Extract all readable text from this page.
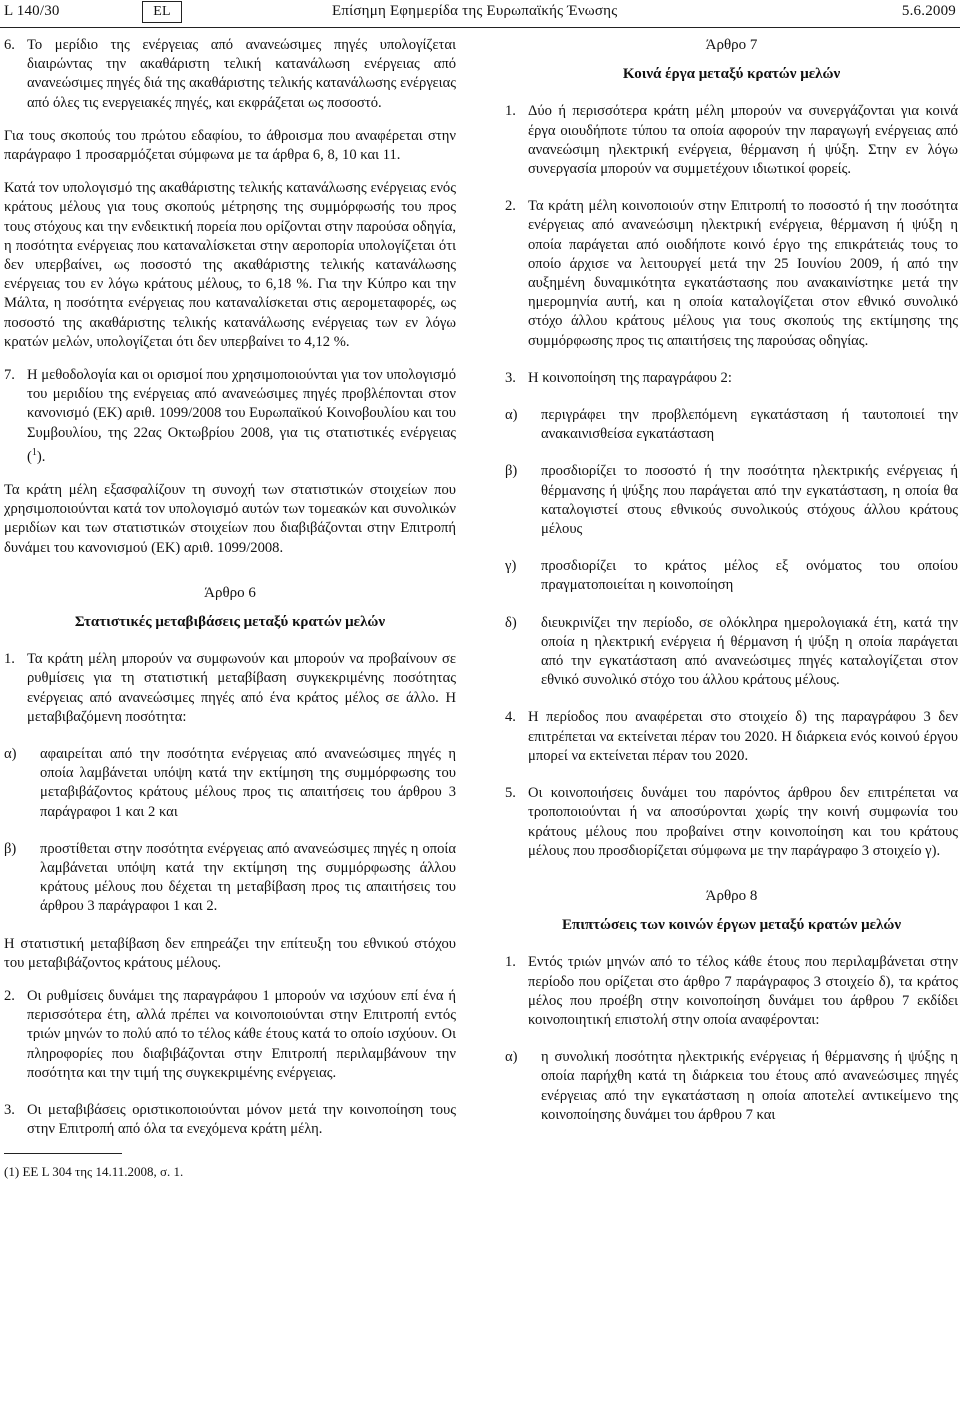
L 140/30	EL	Επίσημη Εφημερίδα της Ευρωπαϊκής Ένωσης	5.6.2009
6. Το μερίδιο της ενέργειας από ανανεώσιμες πηγές υπολογίζεται διαιρώντας την ακαθάριστη τελική κατανάλωση ενέργειας από ανανεώσιμες πηγές διά της ακαθάριστης τελικής κατανάλωσης ενέργειας από όλες τις ενεργειακές πηγές, και εκφράζεται ως ποσοστό.

Για τους σκοπούς του πρώτου εδαφίου, το άθροισμα που αναφέρεται στην παράγραφο 1 προσαρμόζεται σύμφωνα με τα άρθρα 6, 8, 10 και 11.

Κατά τον υπολογισμό της ακαθάριστης τελικής κατανάλωσης ενέργειας ενός κράτους μέλους για τους σκοπούς μέτρησης της συμμόρφωσής του προς τους στόχους και την ενδεικτική πορεία που ορίζονται στην παρούσα οδηγία, η ποσότητα ενέργειας που καταναλίσκεται στην αεροπορία υπολογίζεται ότι δεν υπερβαίνει, ως ποσοστό της ακαθάριστης τελικής κατανάλωσης ενέργειας του εν λόγω κράτους μέλους, το 6,18 %. Για την Κύπρο και την Μάλτα, η ποσότητα ενέργειας που καταναλίσκεται στις αερομεταφορές, ως ποσοστό της ακαθάριστης τελικής κατανάλωσης ενέργειας των εν λόγω κρατών μελών, υπολογίζεται ότι δεν υπερβαίνει το 4,12 %.

7. Η μεθοδολογία και οι ορισμοί που χρησιμοποιούνται για τον υπολογισμό του μεριδίου της ενέργειας από ανανεώσιμες πηγές προβλέπονται στον κανονισμό (ΕΚ) αριθ. 1099/2008 του Ευρωπαϊκού Κοινοβουλίου και του Συμβουλίου, της 22ας Οκτωβρίου 2008, για τις στατιστικές ενέργειας ($^1$).

Τα κράτη μέλη εξασφαλίζουν τη συνοχή των στατιστικών στοιχείων που χρησιμοποιούνται κατά τον υπολογισμό αυτών των τομεακών και συνολικών μεριδίων και των στατιστικών στοιχείων που διαβιβάζονται στην Επιτροπή δυνάμει του κανονισμού (ΕΚ) αριθ. 1099/2008.

Άρθρο 6
Στατιστικές μεταβιβάσεις μεταξύ κρατών μελών
1. Τα κράτη μέλη μπορούν να συμφωνούν και μπορούν να προβαίνουν σε ρυθμίσεις για τη στατιστική μεταβίβαση συγκεκριμένης ποσότητας ενέργειας από ανανεώσιμες πηγές από ένα κράτος μέλος σε άλλο. Η μεταβιβαζόμενη ποσότητα:
α)	αφαιρείται από την ποσότητα ενέργειας από ανανεώσιμες πηγές η οποία λαμβάνεται υπόψη κατά την εκτίμηση της συμμόρφωσης του μεταβιβάζοντος κράτους μέλους προς τις απαιτήσεις του άρθρου 3 παράγραφοι 1 και 2 και
β)	προστίθεται στην ποσότητα ενέργειας από ανανεώσιμες πηγές η οποία λαμβάνεται υπόψη κατά την εκτίμηση της συμμόρφωσης άλλου κράτους μέλους που δέχεται τη μεταβίβαση προς τις απαιτήσεις του άρθρου 3 παράγραφοι 1 και 2.

Η στατιστική μεταβίβαση δεν επηρεάζει την επίτευξη του εθνικού στόχου του μεταβιβάζοντος κράτους μέλους.

2. Οι ρυθμίσεις δυνάμει της παραγράφου 1 μπορούν να ισχύουν επί ένα ή περισσότερα έτη, αλλά πρέπει να κοινοποιούνται στην Επιτροπή εντός τριών μηνών το πολύ από το τέλος κάθε έτους κατά το οποίο ισχύουν. Οι πληροφορίες που διαβιβάζονται στην Επιτροπή περιλαμβάνουν την ποσότητα και την τιμή της συγκεκριμένης ενέργειας.
3. Οι μεταβιβάσεις οριστικοποιούνται μόνον μετά την κοινοποίηση τους στην Επιτροπή από όλα τα ενεχόμενα κράτη μέλη.
(1) ΕΕ L 304 της 14.11.2008, σ. 1.
Άρθρο 7
Κοινά έργα μεταξύ κρατών μελών
1. Δύο ή περισσότερα κράτη μέλη μπορούν να συνεργάζονται για κοινά έργα οιουδήποτε τύπου τα οποία αφορούν την παραγωγή ενέργειας από ανανεώσιμη ηλεκτρική ενέργεια, θέρμανση ή ψύξη. Στην εν λόγω συνεργασία μπορούν να συμμετέχουν ιδιωτικοί φορείς.
2. Τα κράτη μέλη κοινοποιούν στην Επιτροπή το ποσοστό ή την ποσότητα ενέργειας από ανανεώσιμη ηλεκτρική ενέργεια, θέρμανση ή ψύξη η οποία παράγεται από οιοδήποτε κοινό έργο της επικράτειάς τους το οποίο άρχισε να λειτουργεί μετά την 25 Ιουνίου 2009, ή από την αυξημένη δυναμικότητα εγκατάστασης που ανακαινίστηκε μετά την ημερομηνία αυτή, και η οποία καταλογίζεται στον εθνικό συνολικό στόχο άλλου κράτους μέλους για τους σκοπούς της εκτίμησης της συμμόρφωσης προς τις απαιτήσεις της παρούσας οδηγίας.
3. Η κοινοποίηση της παραγράφου 2:
α)	περιγράφει την προβλεπόμενη εγκατάσταση ή ταυτοποιεί την ανακαινισθείσα εγκατάσταση
β)	προσδιορίζει το ποσοστό ή την ποσότητα ηλεκτρικής ενέργειας ή θέρμανσης ή ψύξης που παράγεται από την εγκατάσταση, η οποία θα καταλογιστεί στους εθνικούς συνολικούς στόχους άλλου κράτους μέλους
γ)	προσδιορίζει το κράτος μέλος εξ ονόματος του οποίου πραγματοποιείται η κοινοποίηση
δ)	διευκρινίζει την περίοδο, σε ολόκληρα ημερολογιακά έτη, κατά την οποία η ηλεκτρική ενέργεια ή θέρμανση ή ψύξη η οποία παράγεται από την εγκατάσταση από ανανεώσιμες πηγές καταλογίζεται στον εθνικό συνολικό στόχο του άλλου κράτους μέλους.
4. Η περίοδος που αναφέρεται στο στοιχείο δ) της παραγράφου 3 δεν επιτρέπεται να εκτείνεται πέραν του 2020. Η διάρκεια ενός κοινού έργου μπορεί να εκτείνεται πέραν του 2020.
5. Οι κοινοποιήσεις δυνάμει του παρόντος άρθρου δεν επιτρέπεται να τροποποιούνται ή να αποσύρονται χωρίς την κοινή συμφωνία του κράτους μέλους που προβαίνει στην κοινοποίηση και του κράτους μέλους που προσδιορίζεται σύμφωνα με την παράγραφο 3 στοιχείο γ).
Άρθρο 8
Επιπτώσεις των κοινών έργων μεταξύ κρατών μελών
1. Εντός τριών μηνών από το τέλος κάθε έτους που περιλαμβάνεται στην περίοδο που ορίζεται στο άρθρο 7 παράγραφος 3 στοιχείο δ), τα κράτος μέλος που προέβη στην κοινοποίηση δυνάμει του άρθρου 7 εκδίδει κοινοποιητική επιστολή στην οποία αναφέρονται:
α)	η συνολική ποσότητα ηλεκτρικής ενέργειας ή θέρμανσης ή ψύξης η οποία παρήχθη κατά τη διάρκεια του έτους από ανανεώσιμες πηγές ενέργειας από την εγκατάσταση η οποία αποτελεί αντικείμενο της κοινοποίησης δυνάμει του άρθρου 7 και
